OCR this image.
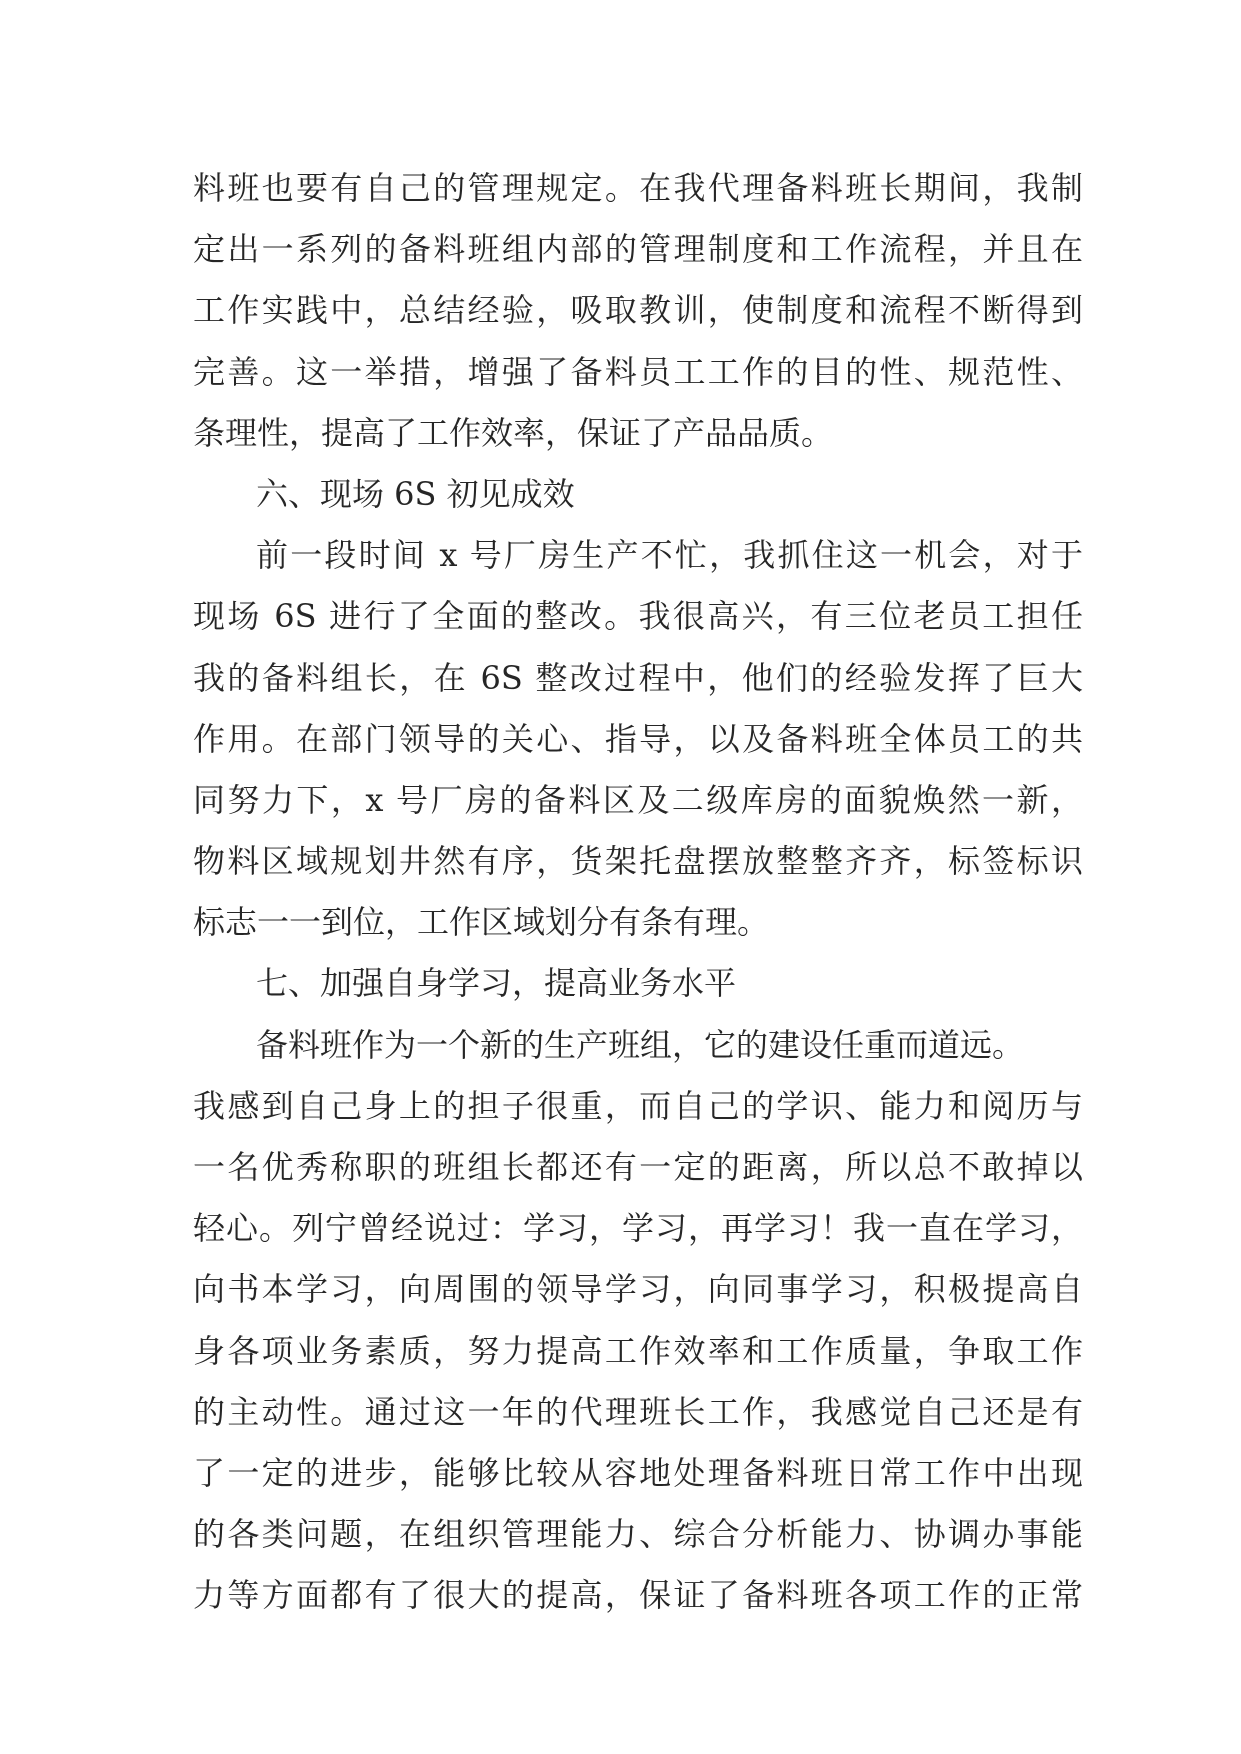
料班也要有自己的管理规定。在我代理备料班长期间，我制
定出一系列的备料班组内部的管理制度和工作流程，并且在
工作实践中，总结经验，吸取教训，使制度和流程不断得到
完善。这一举措，增强了备料员工工作的目的性、规范性、
条理性，提高了工作效率，保证了产品品质。
六、现场 6S 初见成效
前一段时间 x 号厂房生产不忙，我抓住这一机会，对于
现场 6S 进行了全面的整改。我很高兴，有三位老员工担任
我的备料组长，在 6S 整改过程中，他们的经验发挥了巨大
作用。在部门领导的关心、指导，以及备料班全体员工的共
同努力下，x 号厂房的备料区及二级库房的面貌焕然一新，
物料区域规划井然有序，货架托盘摆放整整齐齐，标签标识
标志一一到位，工作区域划分有条有理。
七、加强自身学习，提高业务水平
备料班作为一个新的生产班组，它的建设任重而道远。
我感到自己身上的担子很重，而自己的学识、能力和阅历与
一名优秀称职的班组长都还有一定的距离，所以总不敢掉以
轻心。列宁曾经说过：学习，学习，再学习！我一直在学习，
向书本学习，向周围的领导学习，向同事学习，积极提高自
身各项业务素质，努力提高工作效率和工作质量，争取工作
的主动性。通过这一年的代理班长工作，我感觉自己还是有
了一定的进步，能够比较从容地处理备料班日常工作中出现
的各类问题，在组织管理能力、综合分析能力、协调办事能
力等方面都有了很大的提高，保证了备料班各项工作的正常
